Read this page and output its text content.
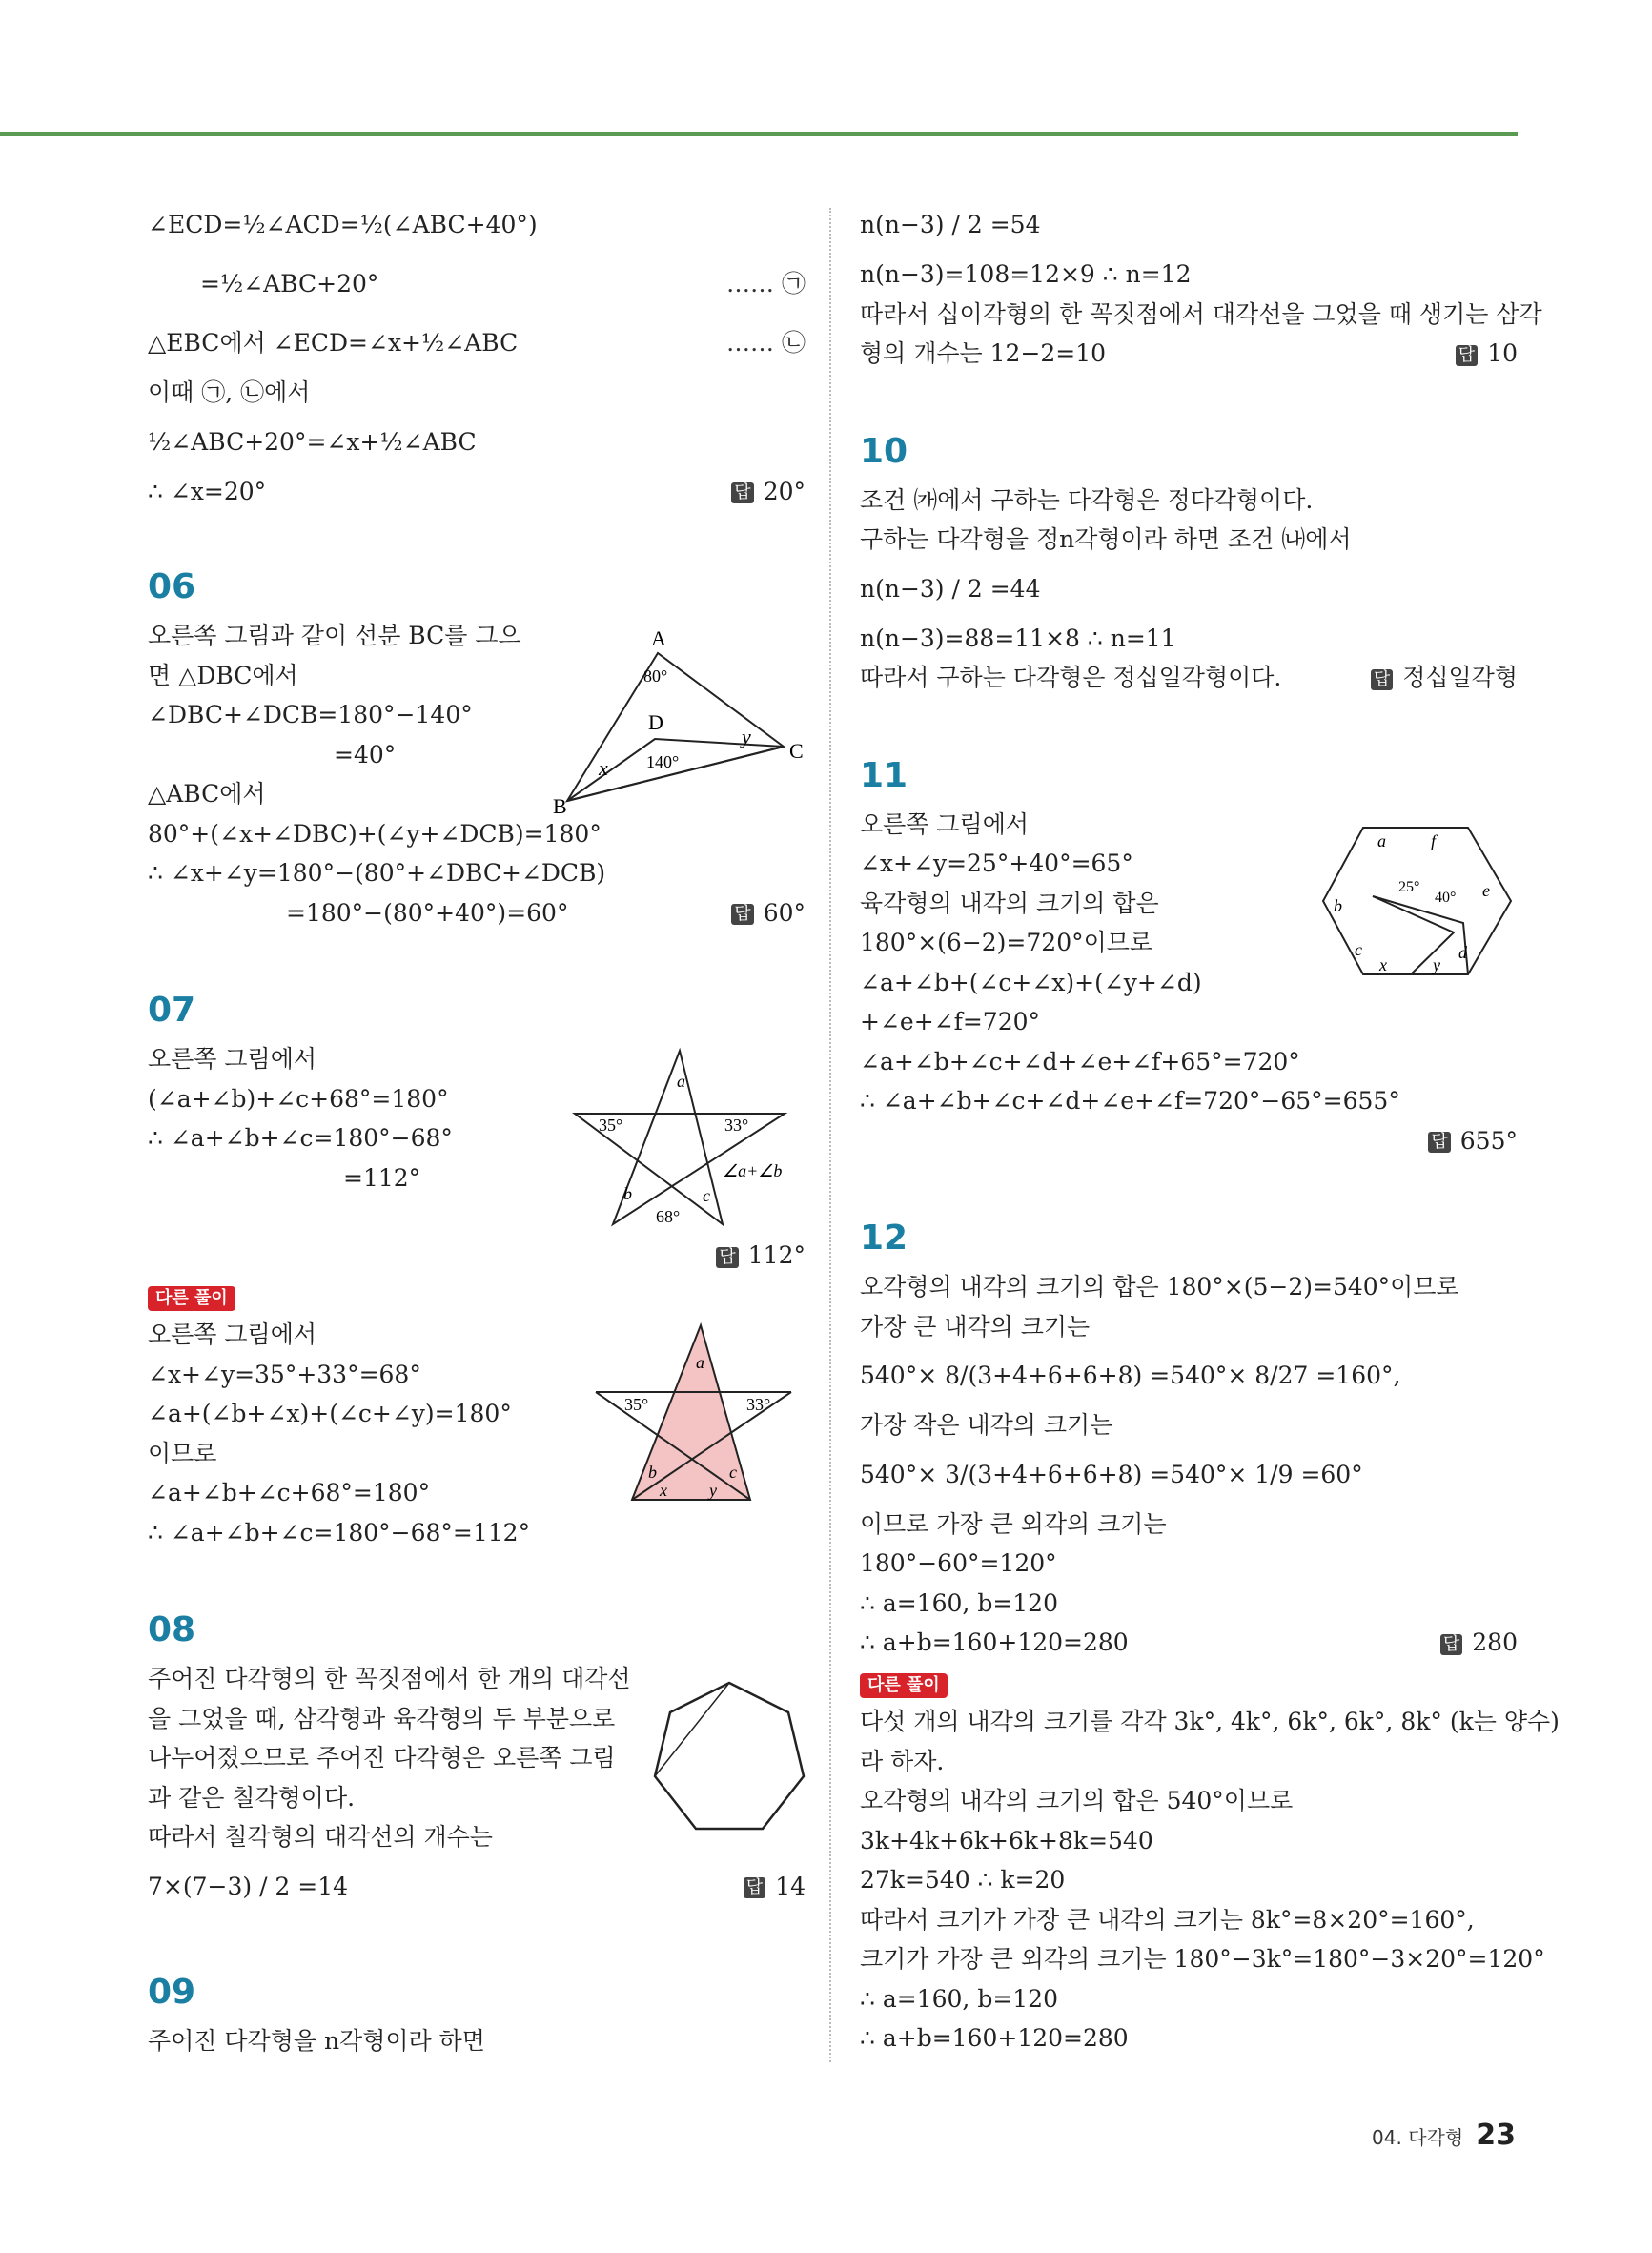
∠ECD=½∠ACD=½(∠ABC+40°)
=½∠ABC+20°	…… ㉠
△EBC에서 ∠ECD=∠x+½∠ABC	…… ㉡
이때 ㉠, ㉡에서
½∠ABC+20°=∠x+½∠ABC
∴ ∠x=20°	답 20°
06
오른쪽 그림과 같이 선분 BC를 그으
면 △DBC에서
∠DBC+∠DCB=180°−140°
=40°
△ABC에서
80°+(∠x+∠DBC)+(∠y+∠DCB)=180°
∴ ∠x+∠y=180°−(80°+∠DBC+∠DCB)
=180°−(80°+40°)=60°	답 60°
07
오른쪽 그림에서
(∠a+∠b)+∠c+68°=180°
∴ ∠a+∠b+∠c=180°−68°
=112°
답 112°
다른 풀이
오른쪽 그림에서
∠x+∠y=35°+33°=68°
∠a+(∠b+∠x)+(∠c+∠y)=180°
이므로
∠a+∠b+∠c+68°=180°
∴ ∠a+∠b+∠c=180°−68°=112°
08
주어진 다각형의 한 꼭짓점에서 한 개의 대각선
을 그었을 때, 삼각형과 육각형의 두 부분으로
나누어졌으므로 주어진 다각형은 오른쪽 그림
과 같은 칠각형이다.
따라서 칠각형의 대각선의 개수는
7×(7−3) / 2 =14	답 14
09
주어진 다각형을 n각형이라 하면
n(n−3) / 2 =54
n(n−3)=108=12×9 ∴ n=12
따라서 십이각형의 한 꼭짓점에서 대각선을 그었을 때 생기는 삼각
형의 개수는 12−2=10	답 10
10
조건 ㈎에서 구하는 다각형은 정다각형이다.
구하는 다각형을 정n각형이라 하면 조건 ㈏에서
n(n−3) / 2 =44
n(n−3)=88=11×8 ∴ n=11
따라서 구하는 다각형은 정십일각형이다.	답 정십일각형
11
오른쪽 그림에서
∠x+∠y=25°+40°=65°
육각형의 내각의 크기의 합은
180°×(6−2)=720°이므로
∠a+∠b+(∠c+∠x)+(∠y+∠d)
+∠e+∠f=720°
∠a+∠b+∠c+∠d+∠e+∠f+65°=720°
∴ ∠a+∠b+∠c+∠d+∠e+∠f=720°−65°=655°
답 655°
12
오각형의 내각의 크기의 합은 180°×(5−2)=540°이므로
가장 큰 내각의 크기는
540°× 8/(3+4+6+6+8) =540°× 8/27 =160°,
가장 작은 내각의 크기는
540°× 3/(3+4+6+6+8) =540°× 1/9 =60°
이므로 가장 큰 외각의 크기는
180°−60°=120°
∴ a=160, b=120
∴ a+b=160+120=280	답 280
다른 풀이
다섯 개의 내각의 크기를 각각 3k°, 4k°, 6k°, 6k°, 8k° (k는 양수)
라 하자.
오각형의 내각의 크기의 합은 540°이므로
3k+4k+6k+6k+8k=540
27k=540 ∴ k=20
따라서 크기가 가장 큰 내각의 크기는 8k°=8×20°=160°,
크기가 가장 큰 외각의 크기는 180°−3k°=180°−3×20°=120°
∴ a=160, b=120
∴ a+b=160+120=280
A
B
C
D
80°
140°
x
y
a
35°	33°
b	c
68°
∠a+∠b
a
35°	33°
b	c
x y
a	f
b
e
c	d
x	y
25°
40°
04. 다각형 23
